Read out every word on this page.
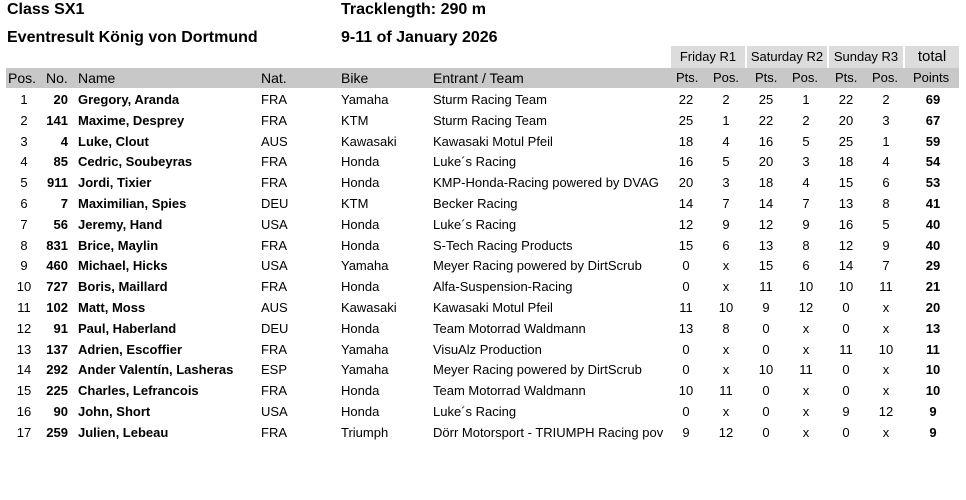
Class SX1
Eventresult König von Dortmund
Tracklength: 290 m
9-11 of January 2026
Friday R1	Saturday R2 Sunday R3	total
Pos. No. Name	Nat.	Bike	Entrant / Team	Pts. Pos. Pts. Pos. Pts. Pos. Points
1	20 Gregory, Aranda	FRA	Yamaha	Sturm Racing Team	22	2	25	1	22	2	69
2	141 Maxime, Desprey	FRA	KTM	Sturm Racing Team	25	1	22	2	20	3	67
3	4 Luke, Clout	AUS	Kawasaki	Kawasaki Motul Pfeil	18	4	16	5	25	1	59
4	85 Cedric, Soubeyras	FRA	Honda	Luke´s Racing	16	5	20	3	18	4	54
5	911 Jordi, Tixier	FRA	Honda	KMP-Honda-Racing powered by DVAG	20	3	18	4	15	6	53
6	7 Maximilian, Spies	DEU	KTM	Becker Racing	14	7	14	7	13	8	41
7	56 Jeremy, Hand	USA	Honda	Luke´s Racing	12	9	12	9	16	5	40
8	831 Brice, Maylin	FRA	Honda	S-Tech Racing Products	15	6	13	8	12	9	40
9	460 Michael, Hicks	USA	Yamaha	Meyer Racing powered by DirtScrub	0	x	15	6	14	7	29
10	727 Boris, Maillard	FRA	Honda	Alfa-Suspension-Racing	0	x	11	10	10	11	21
11	102 Matt, Moss	AUS	Kawasaki	Kawasaki Motul Pfeil	11	10	9	12	0	x	20
12	91 Paul, Haberland	DEU	Honda	Team Motorrad Waldmann	13	8	0	x	0	x	13
13	137 Adrien, Escoffier	FRA	Yamaha	VisuAlz Production	0	x	0	x	11	10	11
14	292 Ander Valentín, Lasheras	ESP	Yamaha	Meyer Racing powered by DirtScrub	0	x	10	11	0	x	10
15	225 Charles, Lefrancois	FRA	Honda	Team Motorrad Waldmann	10	11	0	x	0	x	10
16	90 John, Short	USA	Honda	Luke´s Racing	0	x	0	x	9	12	9
17	259 Julien, Lebeau	FRA	Triumph	Dörr Motorsport - TRIUMPH Racing pov	9	12	0	x	0	x	9
